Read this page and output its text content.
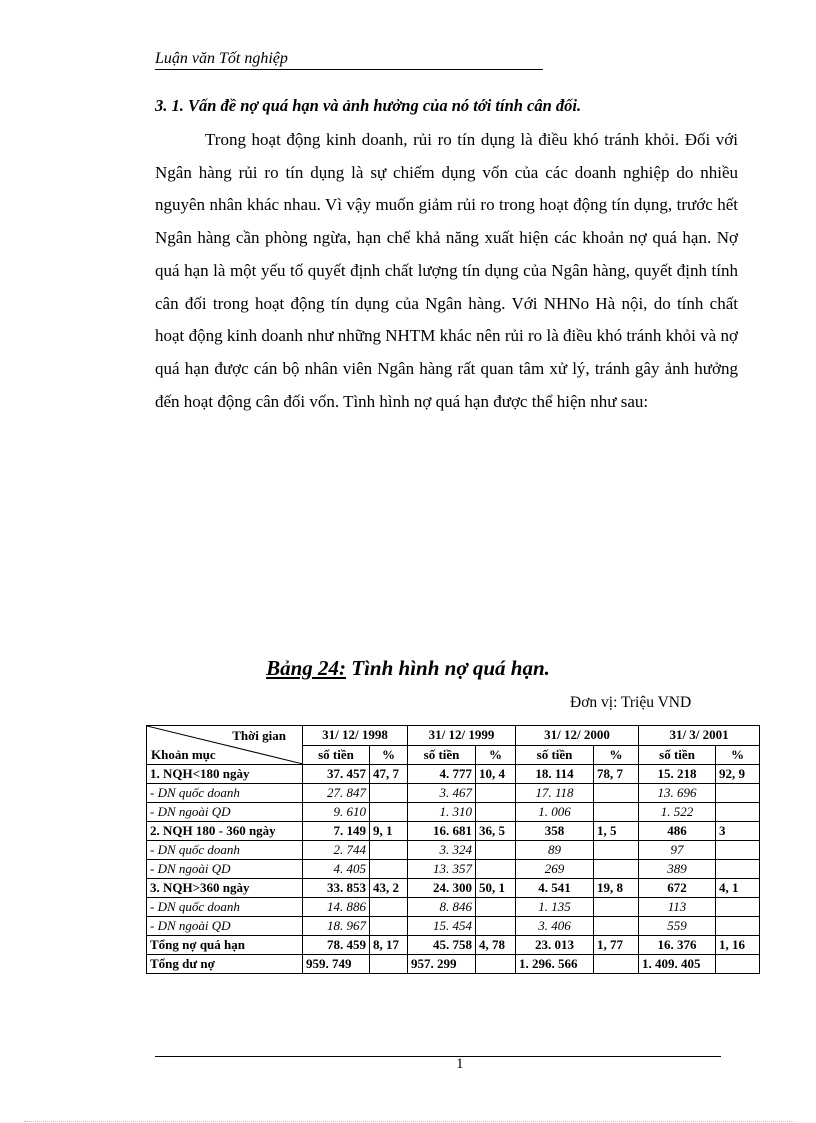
Luận văn Tốt nghiệp
3. 1. Vấn đề nợ quá hạn và ảnh hưởng của nó tới tính cân đối.

Trong hoạt động kinh doanh, rủi ro tín dụng là điều khó tránh khỏi. Đối với Ngân hàng rủi ro tín dụng là sự chiếm dụng vốn của các doanh nghiệp do nhiều nguyên nhân khác nhau. Vì vậy muốn giảm rủi ro trong hoạt động tín dụng, trước hết Ngân hàng cần phòng ngừa, hạn chế khả năng xuất hiện các khoản nợ quá hạn. Nợ quá hạn là một yếu tố quyết định chất lượng tín dụng của Ngân hàng, quyết định tính cân đối trong hoạt động tín dụng của Ngân hàng. Với NHNo Hà nội, do tính chất hoạt động kinh doanh như những NHTM khác nên rủi ro là điều khó tránh khỏi và nợ quá hạn được cán bộ nhân viên Ngân hàng rất quan tâm xử lý, tránh gây ảnh hưởng đến hoạt động cân đối vốn. Tình hình nợ quá hạn được thể hiện như sau:

Bảng 24: Tình hình nợ quá hạn.
Đơn vị: Triệu VND
Thời gian
Khoản mục	31/ 12/ 1998		31/ 12/ 1999		31/ 12/ 2000		31/ 3/ 2001	
	số tiền	%	số tiền	%	số tiền	%	số tiền	%
1. NQH<180 ngày	37. 457	47, 7	4. 777	10, 4	18. 114	78, 7	15. 218	92, 9
- DN quốc doanh	27. 847		3. 467		17. 118		13. 696	
- DN ngoài QD	9. 610		1. 310		1. 006		1. 522	
2. NQH 180 - 360 ngày	7. 149	9, 1	16. 681	36, 5	358	1, 5	486	3
- DN quốc doanh	2. 744		3. 324		89		97	
- DN ngoài QD	4. 405		13. 357		269		389	
3. NQH>360 ngày	33. 853	43, 2	24. 300	50, 1	4. 541	19, 8	672	4, 1
- DN quốc doanh	14. 886		8. 846		1. 135		113	
- DN ngoài QD	18. 967		15. 454		3. 406		559	
Tổng nợ quá hạn	78. 459	8, 17	45. 758	4, 78	23. 013	1, 77	16. 376	1, 16
Tổng dư nợ	959. 749		957. 299		1. 296. 566		1. 409. 405	
1
